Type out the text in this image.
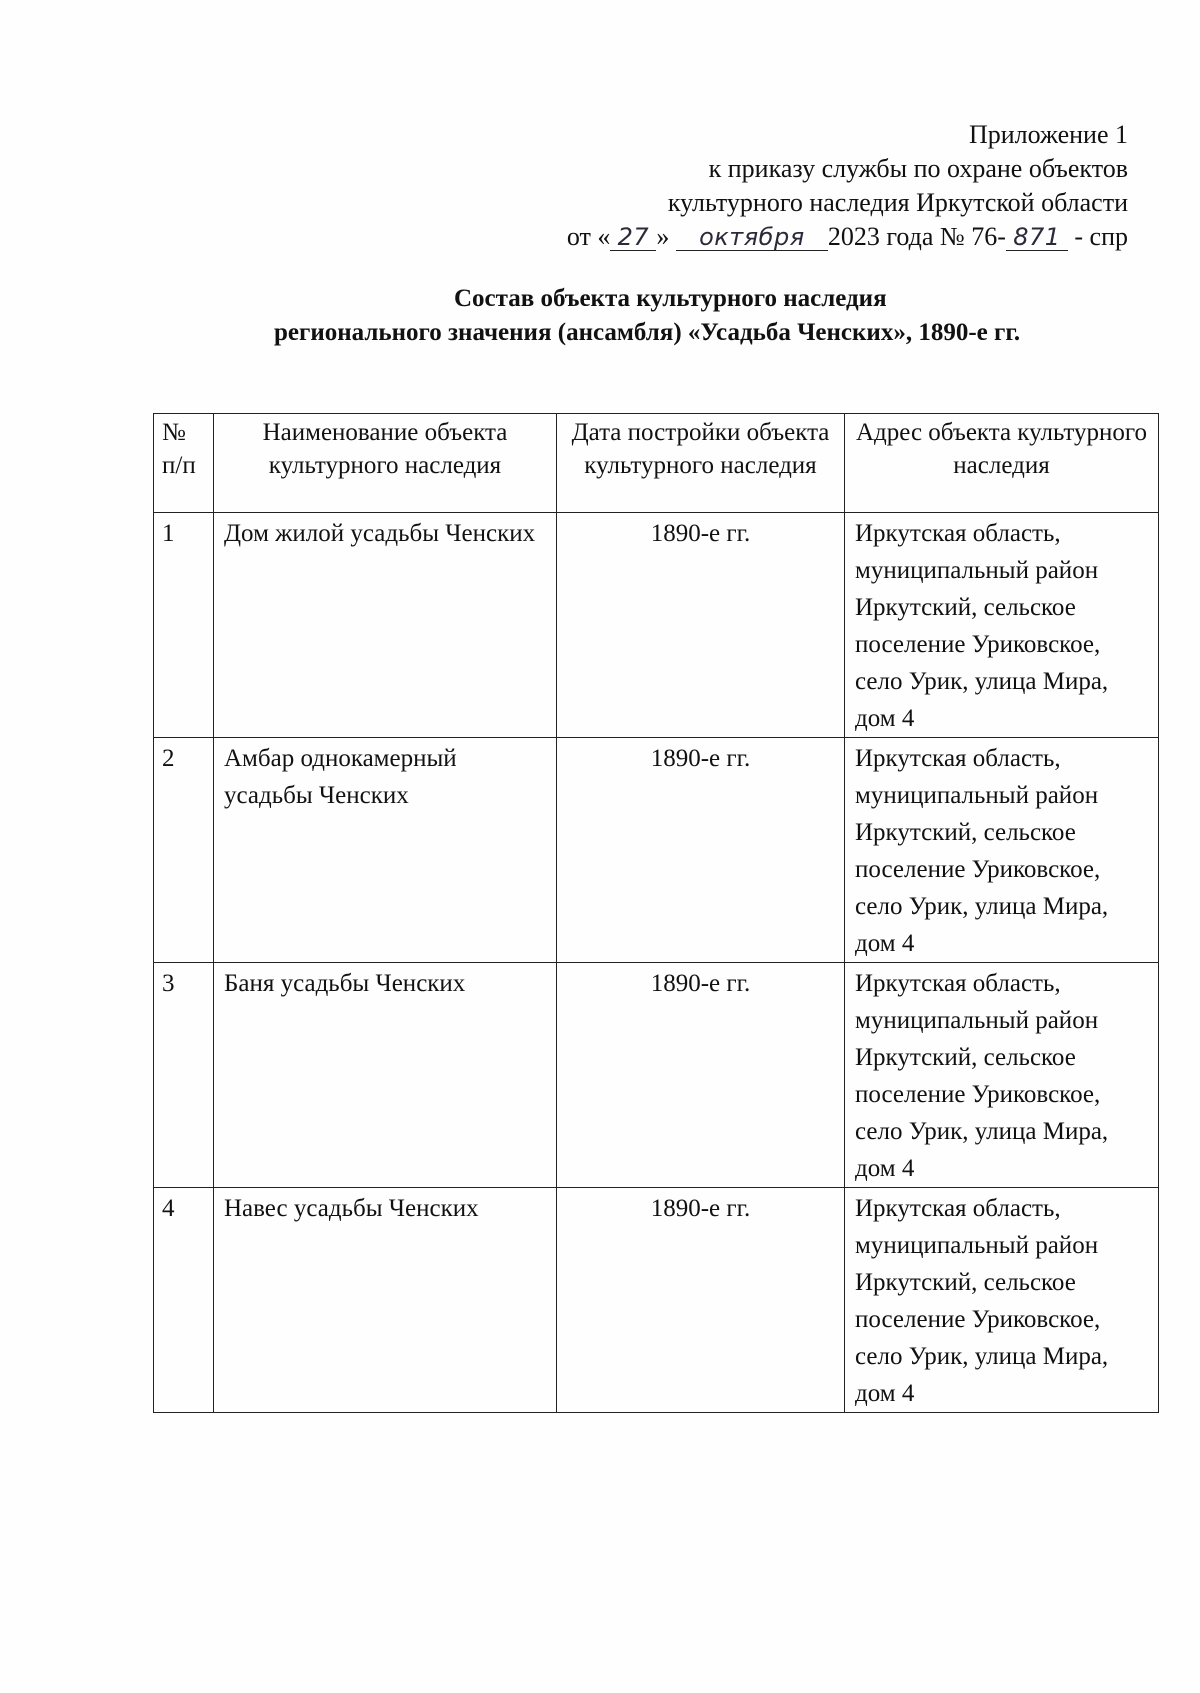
Приложение 1
к приказу службы по охране объектов
культурного наследия Иркутской области
от « 27 » октября 2023 года № 76- 871 - спр
Состав объекта культурного наследия
регионального значения (ансамбля) «Усадьба Ченских», 1890-е гг.
№ п/п	Наименование объекта культурного наследия	Дата постройки объекта культурного наследия	Адрес объекта культурного наследия
1	Дом жилой усадьбы Ченских	1890-е гг.	Иркутская область, муниципальный район Иркутский, сельское поселение Уриковское, село Урик, улица Мира, дом 4
2	Амбар однокамерный усадьбы Ченских	1890-е гг.	Иркутская область, муниципальный район Иркутский, сельское поселение Уриковское, село Урик, улица Мира, дом 4
3	Баня усадьбы Ченских	1890-е гг.	Иркутская область, муниципальный район Иркутский, сельское поселение Уриковское, село Урик, улица Мира, дом 4
4	Навес усадьбы Ченских	1890-е гг.	Иркутская область, муниципальный район Иркутский, сельское поселение Уриковское, село Урик, улица Мира, дом 4
